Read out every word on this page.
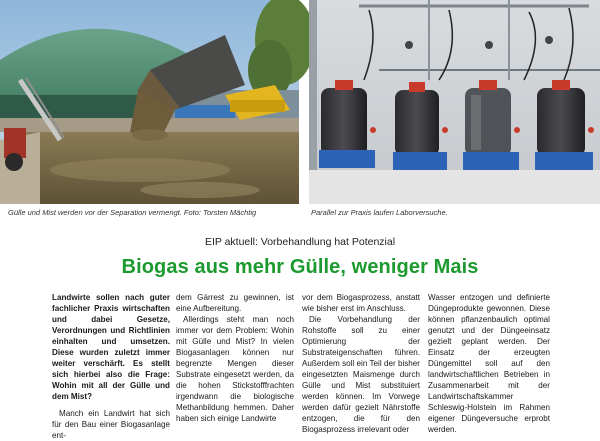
Gülle und Mist werden vor der Separation vermengt. Foto: Torsten Mächtig	Parallel zur Praxis laufen Laborversuche.
EIP aktuell: Vorbehandlung hat Potenzial
Biogas aus mehr Gülle, weniger Mais

Landwirte sollen nach guter fachlicher Praxis wirtschaften und dabei Gesetze, Verordnungen und Richtlinien einhalten und umsetzen. Diese wurden zuletzt immer weiter verschärft. Es stellt sich hierbei also die Frage: Wohin mit all der Gülle und dem Mist?

Manch ein Landwirt hat sich für den Bau einer Biogasanlage ent-

dem Gärrest zu gewinnen, ist eine Aufbereitung.

Allerdings steht man noch immer vor dem Problem: Wohin mit Gülle und Mist? In vielen Biogasanlagen können nur begrenzte Mengen dieser Substrate eingesetzt werden, da die hohen Stickstofffrachten irgendwann die biologische Methanbildung hemmen. Daher haben sich einige Landwirte

vor dem Biogasprozess, anstatt wie bisher erst im Anschluss.

Die Vorbehandlung der Rohstoffe soll zu einer Optimierung der Substrateigenschaften führen. Außerdem soll ein Teil der bisher eingesetzten Maismenge durch Gülle und Mist substituiert werden können. Im Vorwege werden dafür gezielt Nährstoffe entzogen, die für den Biogasprozess irrelevant oder

Wasser entzogen und definierte Düngeprodukte gewonnen. Diese können pflanzenbaulich optimal genutzt und der Düngeeinsatz gezielt geplant werden. Der Einsatz der erzeugten Düngemittel soll auf den landwirtschaftlichen Betrieben in Zusammenarbeit mit der Landwirtschaftskammer Schleswig-Holstein im Rahmen eigener Düngeversuche erprobt werden.
